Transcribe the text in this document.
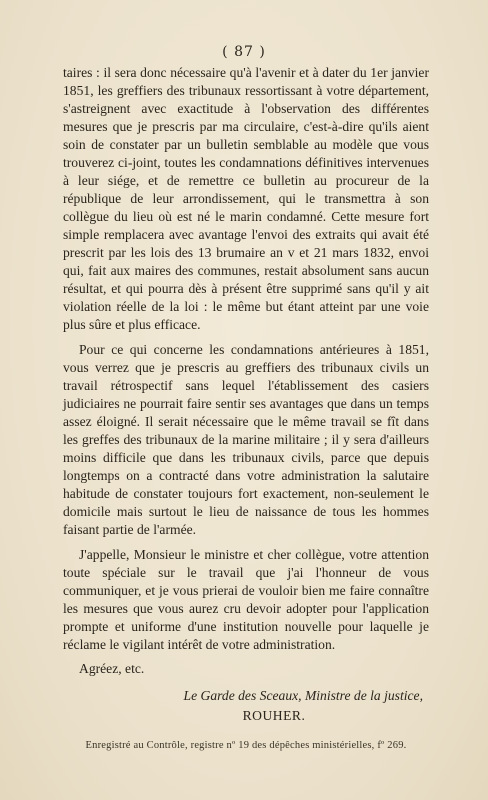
( 87 )

taires : il sera donc nécessaire qu'à l'avenir et à dater du 1er janvier 1851, les greffiers des tribunaux ressortissant à votre département, s'astreignent avec exactitude à l'observation des différentes mesures que je prescris par ma circulaire, c'est-à-dire qu'ils aient soin de constater par un bulletin semblable au modèle que vous trouverez ci-joint, toutes les condamnations définitives intervenues à leur siége, et de remettre ce bulletin au procureur de la république de leur arrondissement, qui le transmettra à son collègue du lieu où est né le marin condamné. Cette mesure fort simple remplacera avec avantage l'envoi des extraits qui avait été prescrit par les lois des 13 brumaire an v et 21 mars 1832, envoi qui, fait aux maires des communes, restait absolument sans aucun résultat, et qui pourra dès à présent être supprimé sans qu'il y ait violation réelle de la loi : le même but étant atteint par une voie plus sûre et plus efficace.

Pour ce qui concerne les condamnations antérieures à 1851, vous verrez que je prescris au greffiers des tribunaux civils un travail rétrospectif sans lequel l'établissement des casiers judiciaires ne pourrait faire sentir ses avantages que dans un temps assez éloigné. Il serait nécessaire que le même travail se fît dans les greffes des tribunaux de la marine militaire ; il y sera d'ailleurs moins difficile que dans les tribunaux civils, parce que depuis longtemps on a contracté dans votre administration la salutaire habitude de constater toujours fort exactement, non-seulement le domicile mais surtout le lieu de naissance de tous les hommes faisant partie de l'armée.

J'appelle, Monsieur le ministre et cher collègue, votre attention toute spéciale sur le travail que j'ai l'honneur de vous communiquer, et je vous prierai de vouloir bien me faire connaître les mesures que vous aurez cru devoir adopter pour l'application prompte et uniforme d'une institution nouvelle pour laquelle je réclame le vigilant intérêt de votre administration.

Agréez, etc.

Le Garde des Sceaux, Ministre de la justice,

ROUHER.

Enregistré au Contrôle, registre nº 19 des dépêches ministérielles, fº 269.
